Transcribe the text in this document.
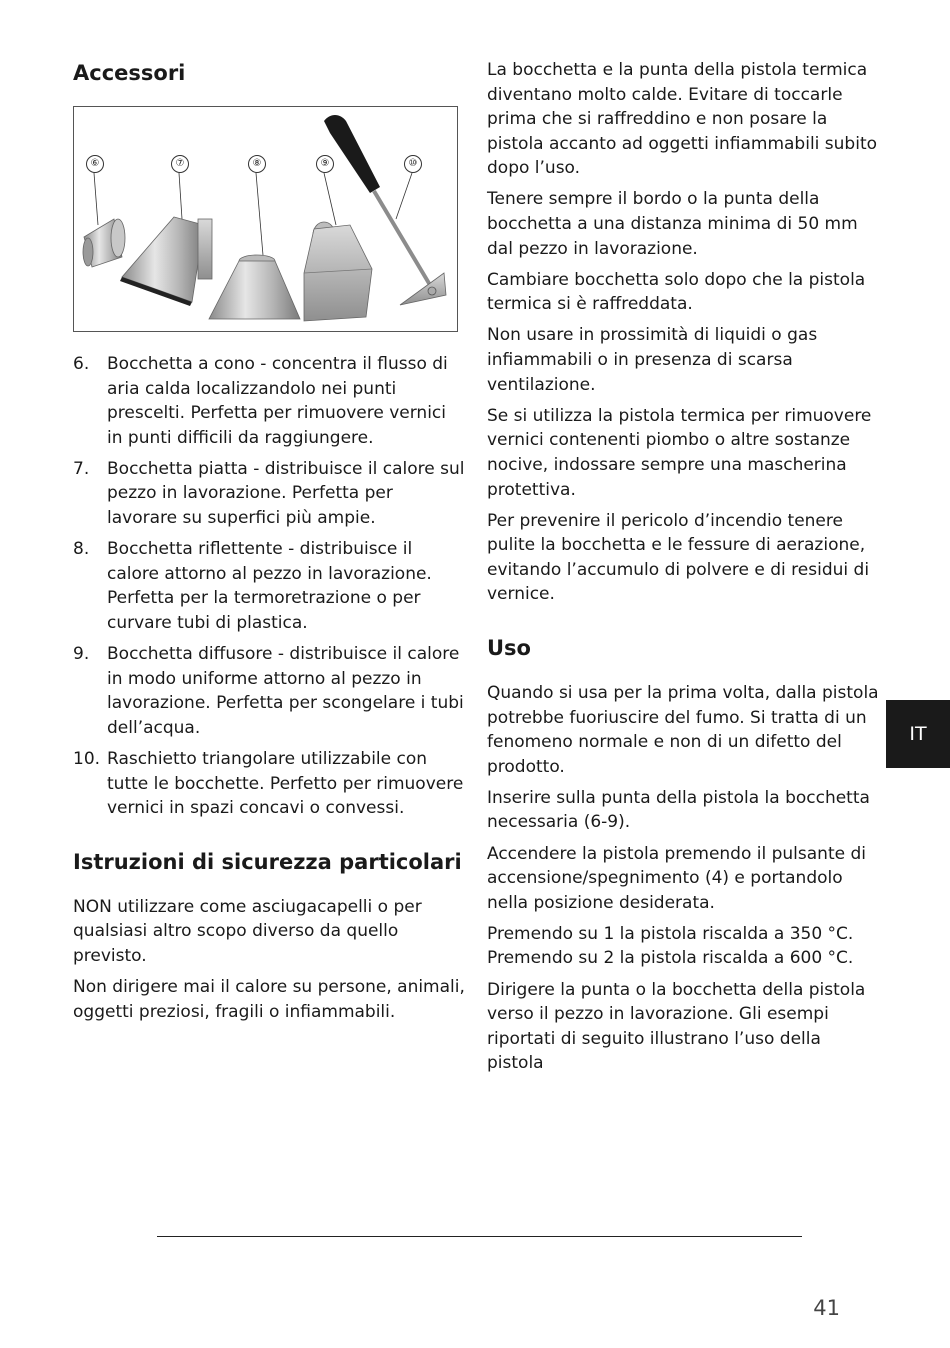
Accessori
⑥	⑦	⑧	⑨	⑩
6. Bocchetta a cono - concentra il flusso di aria calda localizzandolo nei punti prescelti. Perfetta per rimuovere vernici in punti difficili da raggiungere.
7. Bocchetta piatta - distribuisce il calore sul pezzo in lavorazione. Perfetta per lavorare su superfici più ampie.
8. Bocchetta riflettente - distribuisce il calore attorno al pezzo in lavorazione. Perfetta per la termoretrazione o per curvare tubi di plastica.
9. Bocchetta diffusore - distribuisce il calore in modo uniforme attorno al pezzo in lavorazione. Perfetta per scongelare i tubi dell’acqua.
10. Raschietto triangolare utilizzabile con tutte le bocchette. Perfetto per rimuovere vernici in spazi concavi o convessi.
Istruzioni di sicurezza particolari

NON utilizzare come asciugacapelli o per qualsiasi altro scopo diverso da quello previsto.

Non dirigere mai il calore su persone, animali, oggetti preziosi, fragili o infiammabili.

La bocchetta e la punta della pistola termica diventano molto calde. Evitare di toccarle prima che si raffreddino e non posare la pistola accanto ad oggetti infiammabili subito dopo l’uso.

Tenere sempre il bordo o la punta della bocchetta a una distanza minima di 50 mm dal pezzo in lavorazione.

Cambiare bocchetta solo dopo che la pistola termica si è raffreddata.

Non usare in prossimità di liquidi o gas infiammabili o in presenza di scarsa ventilazione.

Se si utilizza la pistola termica per rimuovere vernici contenenti piombo o altre sostanze nocive, indossare sempre una mascherina protettiva.

Per prevenire il pericolo d’incendio tenere pulite la bocchetta e le fessure di aerazione, evitando l’accumulo di polvere e di residui di vernice.

Uso

Quando si usa per la prima volta, dalla pistola potrebbe fuoriuscire del fumo. Si tratta di un fenomeno normale e non di un difetto del prodotto.

Inserire sulla punta della pistola la bocchetta necessaria (6-9).

Accendere la pistola premendo il pulsante di accensione/spegnimento (4) e portandolo nella posizione desiderata.

Premendo su 1 la pistola riscalda a 350 °C. Premendo su 2 la pistola riscalda a 600 °C.

Dirigere la punta o la bocchetta della pistola verso il pezzo in lavorazione. Gli esempi riportati di seguito illustrano l’uso della pistola

IT
41
